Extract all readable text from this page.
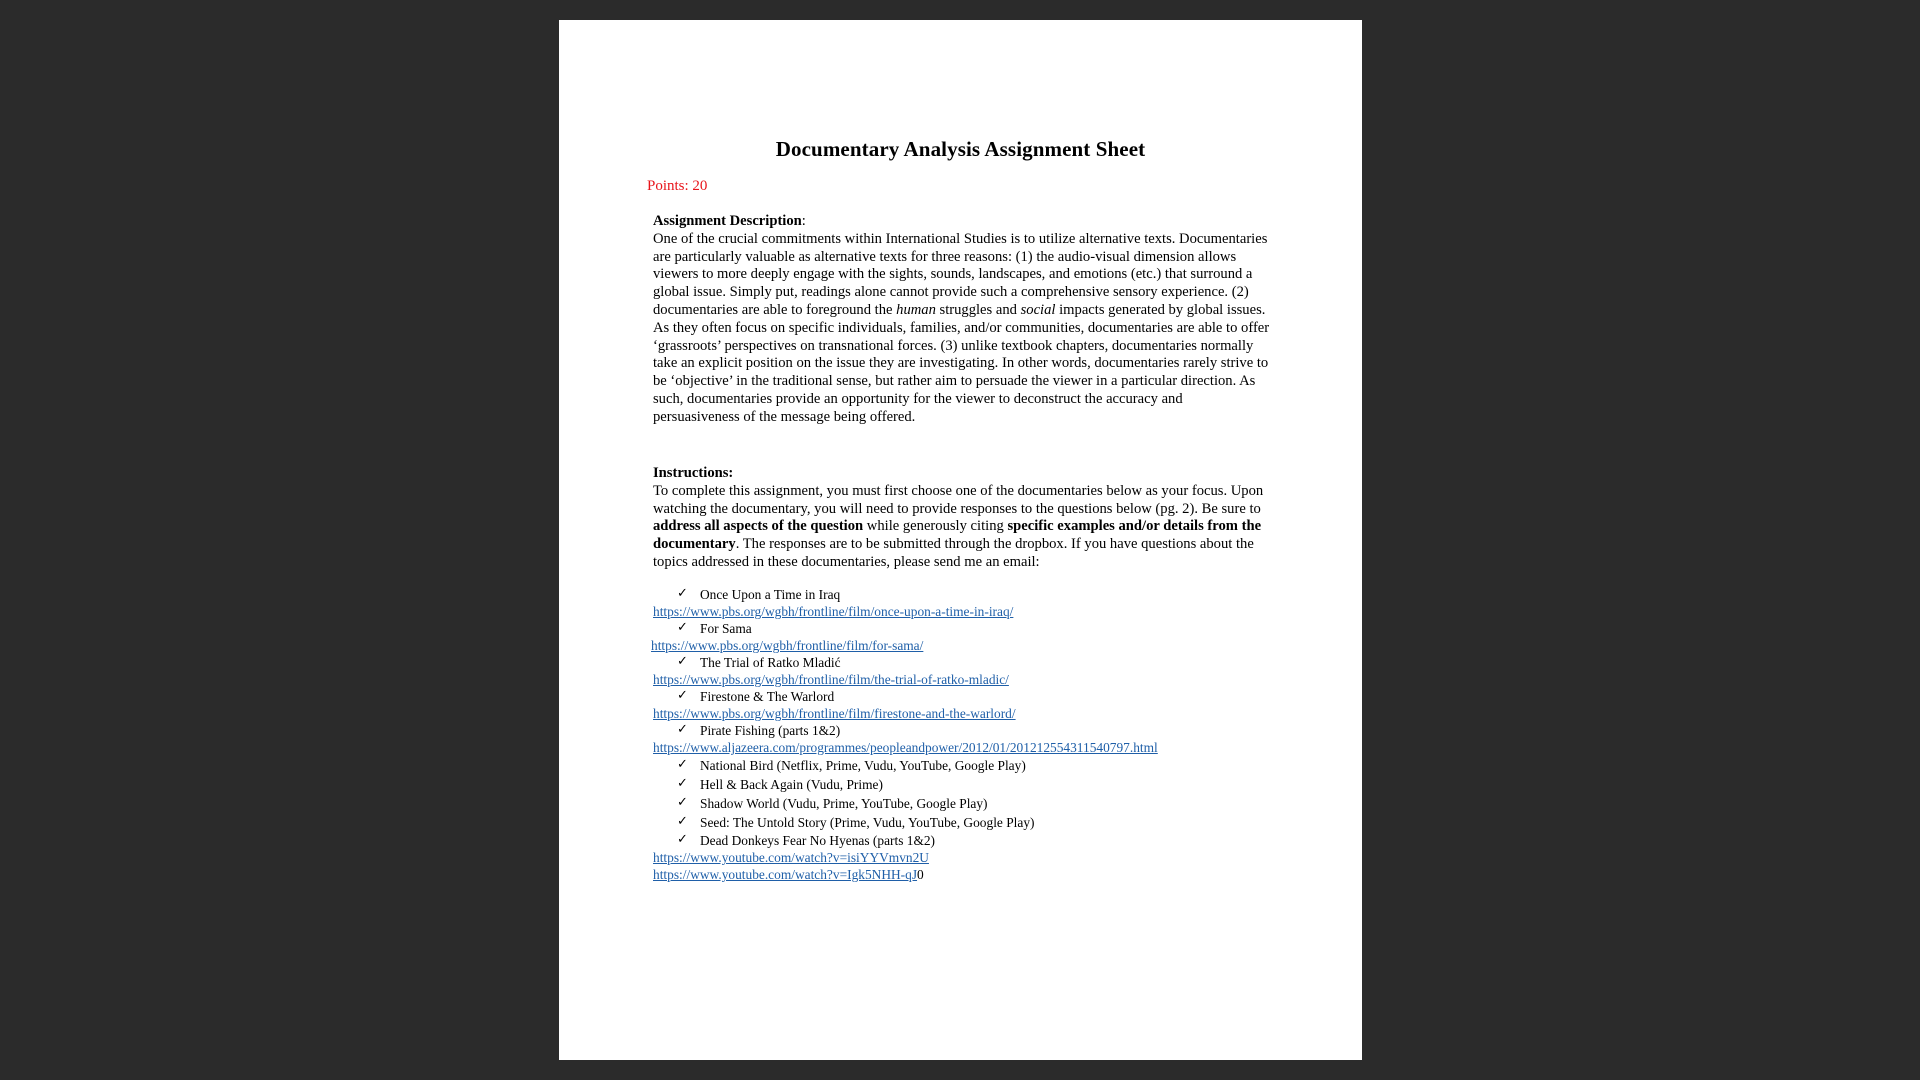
Documentary Analysis Assignment Sheet
Points: 20
Assignment Description:
One of the crucial commitments within International Studies is to utilize alternative texts. Documentaries are particularly valuable as alternative texts for three reasons: (1) the audio-visual dimension allows viewers to more deeply engage with the sights, sounds, landscapes, and emotions (etc.) that surround a global issue. Simply put, readings alone cannot provide such a comprehensive sensory experience. (2) documentaries are able to foreground the human struggles and social impacts generated by global issues. As they often focus on specific individuals, families, and/or communities, documentaries are able to offer ‘grassroots’ perspectives on transnational forces. (3) unlike textbook chapters, documentaries normally take an explicit position on the issue they are investigating. In other words, documentaries rarely strive to be ‘objective’ in the traditional sense, but rather aim to persuade the viewer in a particular direction. As such, documentaries provide an opportunity for the viewer to deconstruct the accuracy and persuasiveness of the message being offered.
Instructions:
To complete this assignment, you must first choose one of the documentaries below as your focus. Upon watching the documentary, you will need to provide responses to the questions below (pg. 2). Be sure to address all aspects of the question while generously citing specific examples and/or details from the documentary. The responses are to be submitted through the dropbox. If you have questions about the topics addressed in these documentaries, please send me an email:
✓ Once Upon a Time in Iraq
https://www.pbs.org/wgbh/frontline/film/once-upon-a-time-in-iraq/
✓ For Sama
https://www.pbs.org/wgbh/frontline/film/for-sama/
✓ The Trial of Ratko Mladić
https://www.pbs.org/wgbh/frontline/film/the-trial-of-ratko-mladic/
✓ Firestone & The Warlord
https://www.pbs.org/wgbh/frontline/film/firestone-and-the-warlord/
✓ Pirate Fishing (parts 1&2)
https://www.aljazeera.com/programmes/peopleandpower/2012/01/201212554311540797.html
✓ National Bird (Netflix, Prime, Vudu, YouTube, Google Play)
✓ Hell & Back Again (Vudu, Prime)
✓ Shadow World (Vudu, Prime, YouTube, Google Play)
✓ Seed: The Untold Story (Prime, Vudu, YouTube, Google Play)
✓ Dead Donkeys Fear No Hyenas (parts 1&2)
https://www.youtube.com/watch?v=isiYYVmvn2U
https://www.youtube.com/watch?v=Igk5NHH-qJ0
